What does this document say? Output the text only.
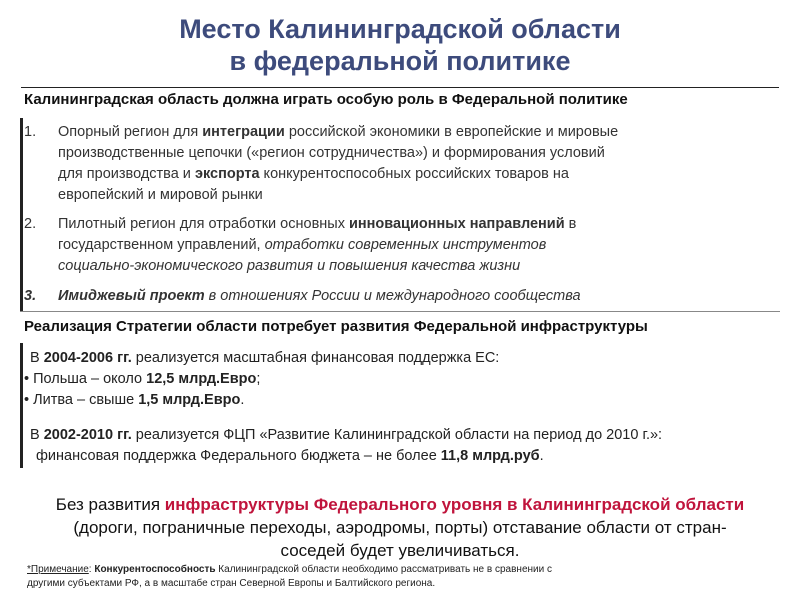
Место Калининградской области
в федеральной политике
Калининградская область должна играть особую роль в Федеральной политике
1. Опорный регион для интеграции российской экономики в европейские и мировые
производственные цепочки («регион сотрудничества») и формирования условий
для производства и экспорта конкурентоспособных российских товаров на
европейский и мировой рынки
2. Пилотный регион для отработки основных инновационных направлений в
государственном управлений, отработки современных инструментов
социально-экономического развития и повышения качества жизни
3. Имиджевый проект в отношениях России и международного сообщества
Реализация Стратегии области потребует развития Федеральной инфраструктуры
В 2004-2006 гг. реализуется масштабная финансовая поддержка ЕС:
• Польша – около 12,5 млрд.Евро;
• Литва – свыше 1,5 млрд.Евро.
В 2002-2010 гг. реализуется ФЦП «Развитие Калининградской области на период до 2010 г.»:
финансовая поддержка Федерального бюджета – не более 11,8 млрд.руб.
Без развития инфраструктуры Федерального уровня в Калининградской области
(дороги, пограничные переходы, аэродромы, порты) отставание области от стран-
соседей будет увеличиваться.
*Примечание: Конкурентоспособность Калининградской области необходимо рассматривать не в сравнении с
другими субъектами РФ, а в масштабе стран Северной Европы и Балтийского региона.
